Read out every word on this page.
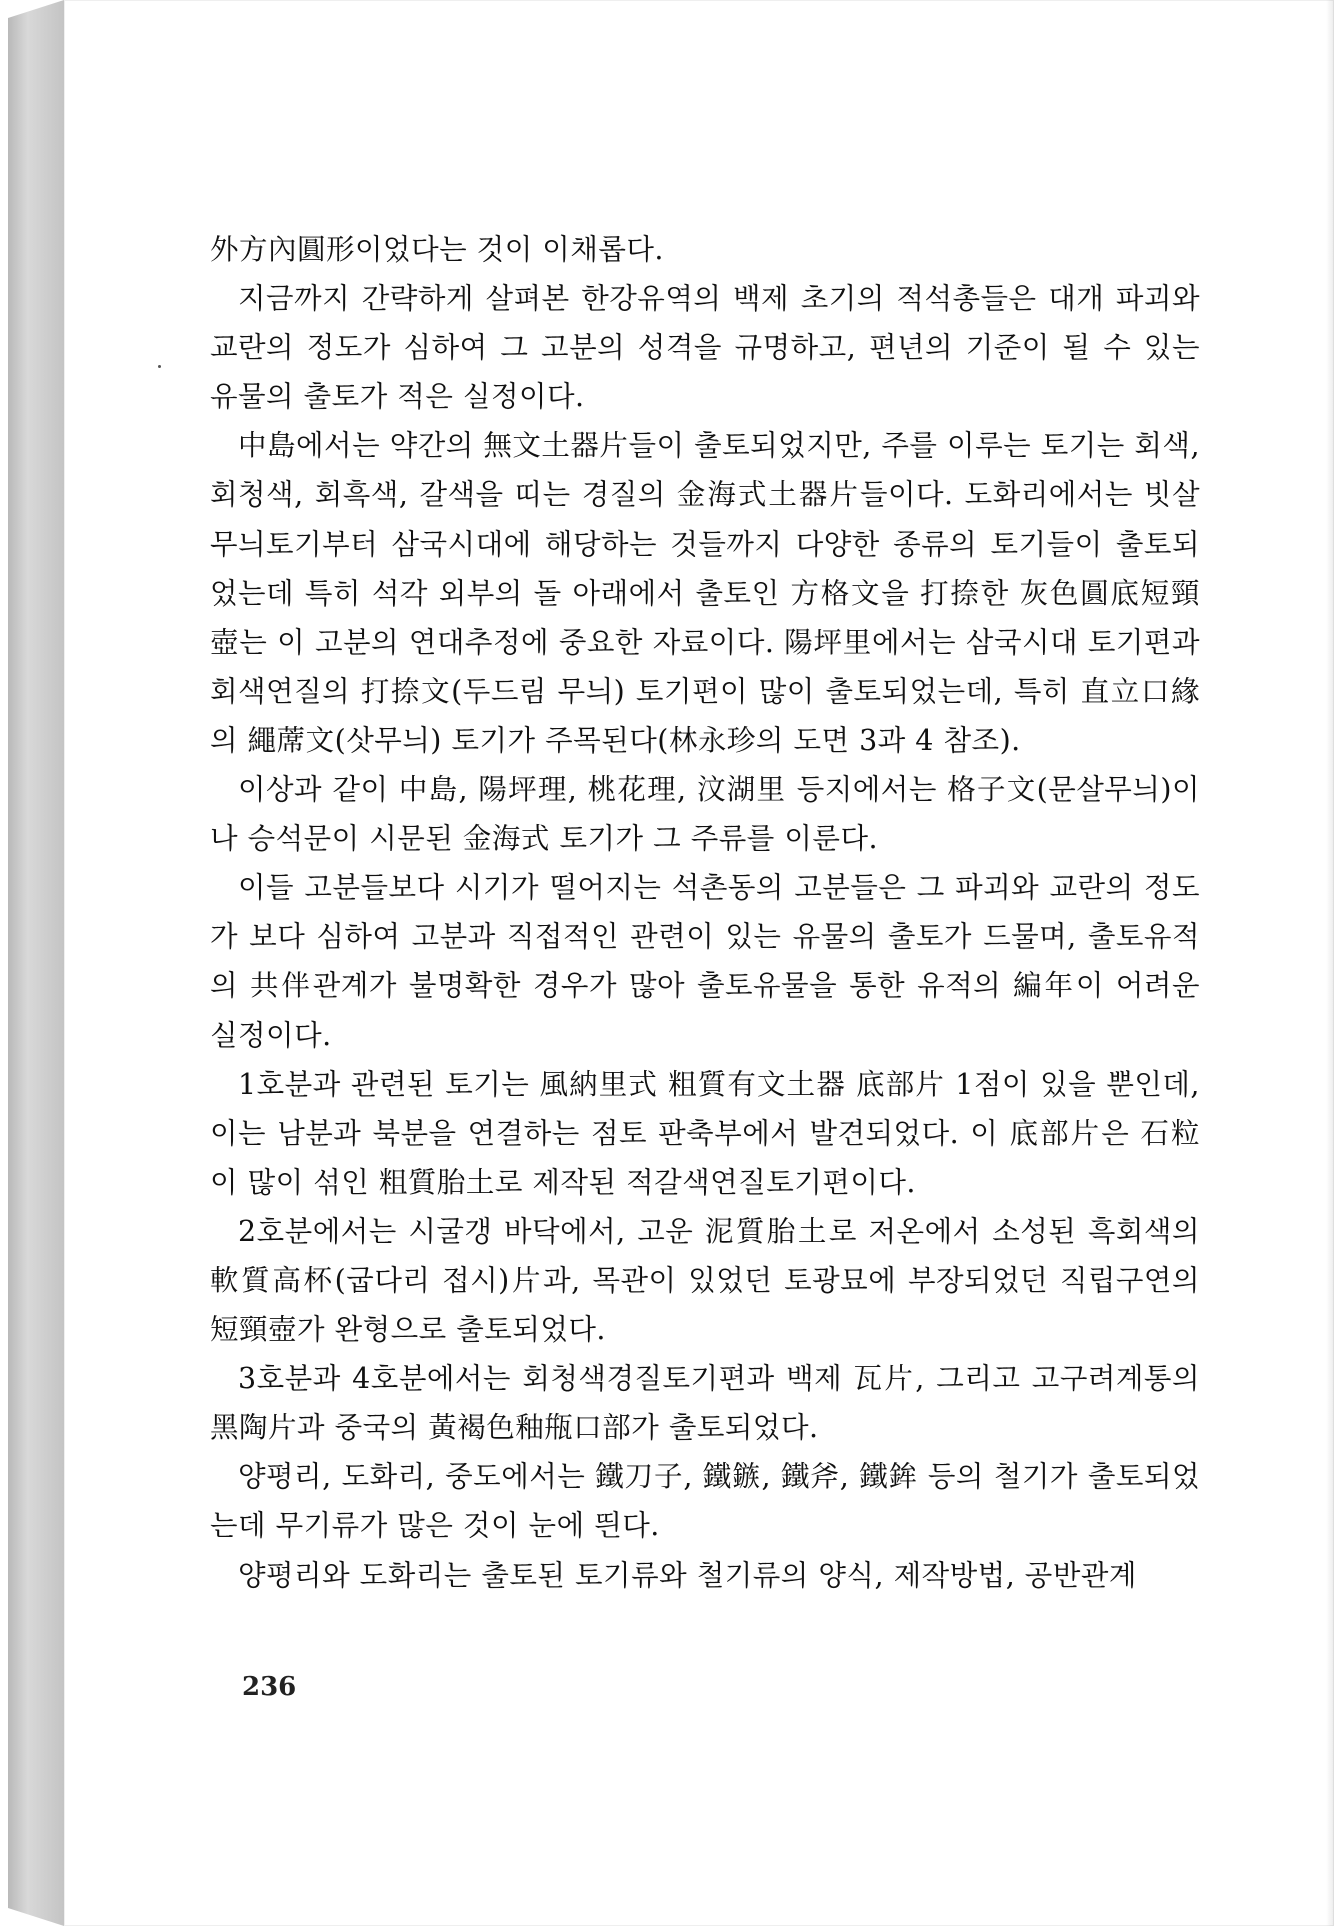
外方內圓形이었다는 것이 이채롭다.

지금까지 간략하게 살펴본 한강유역의 백제 초기의 적석총들은 대개 파괴와 교란의 정도가 심하여 그 고분의 성격을 규명하고, 편년의 기준이 될 수 있는 유물의 출토가 적은 실정이다.

中島에서는 약간의 無文土器片들이 출토되었지만, 주를 이루는 토기는 회색, 회청색, 회흑색, 갈색을 띠는 경질의 金海式土器片들이다. 도화리에서는 빗살무늬토기부터 삼국시대에 해당하는 것들까지 다양한 종류의 토기들이 출토되었는데 특히 석각 외부의 돌 아래에서 출토인 方格文을 打捺한 灰色圓底短頸壺는 이 고분의 연대추정에 중요한 자료이다. 陽坪里에서는 삼국시대 토기편과 회색연질의 打捺文(두드림 무늬) 토기편이 많이 출토되었는데, 특히 直立口緣의 繩蓆文(삿무늬) 토기가 주목된다(林永珍의 도면 3과 4 참조).

이상과 같이 中島, 陽坪理, 桃花理, 汶湖里 등지에서는 格子文(문살무늬)이나 승석문이 시문된 金海式 토기가 그 주류를 이룬다.

이들 고분들보다 시기가 떨어지는 석촌동의 고분들은 그 파괴와 교란의 정도가 보다 심하여 고분과 직접적인 관련이 있는 유물의 출토가 드물며, 출토유적의 共伴관계가 불명확한 경우가 많아 출토유물을 통한 유적의 編年이 어려운 실정이다.

1호분과 관련된 토기는 風納里式 粗質有文土器 底部片 1점이 있을 뿐인데, 이는 남분과 북분을 연결하는 점토 판축부에서 발견되었다. 이 底部片은 石粒이 많이 섞인 粗質胎土로 제작된 적갈색연질토기편이다.

2호분에서는 시굴갱 바닥에서, 고운 泥質胎土로 저온에서 소성된 흑회색의 軟質高杯(굽다리 접시)片과, 목관이 있었던 토광묘에 부장되었던 직립구연의 短頸壺가 완형으로 출토되었다.

3호분과 4호분에서는 회청색경질토기편과 백제 瓦片, 그리고 고구려계통의 黑陶片과 중국의 黃褐色釉甁口部가 출토되었다.

양평리, 도화리, 중도에서는 鐵刀子, 鐵鏃, 鐵斧, 鐵鉾 등의 철기가 출토되었는데 무기류가 많은 것이 눈에 띈다.

양평리와 도화리는 출토된 토기류와 철기류의 양식, 제작방법, 공반관계

236
